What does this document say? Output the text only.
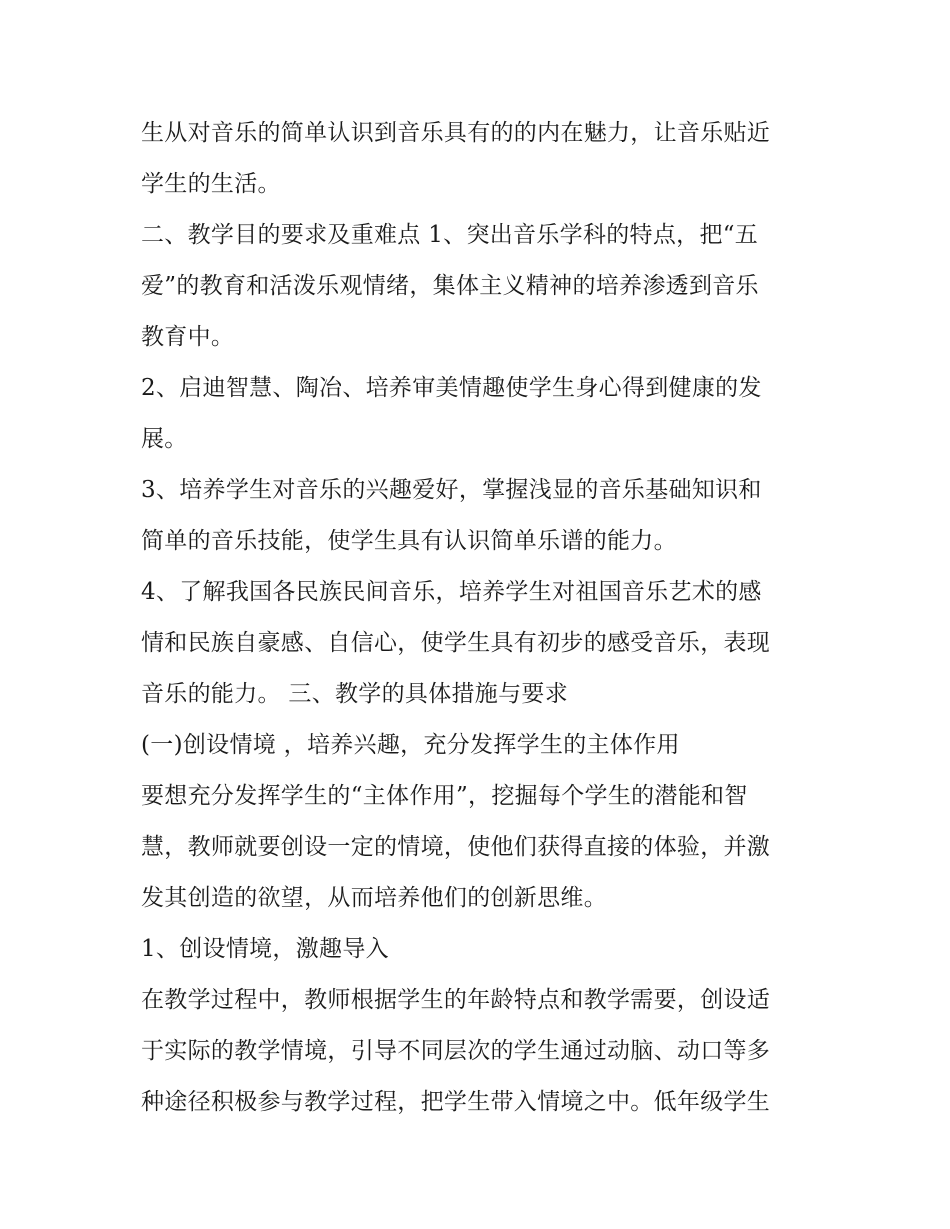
生从对音乐的简单认识到音乐具有的的内在魅力，让音乐贴近
学生的生活。
二、教学目的要求及重难点 1、突出音乐学科的特点，把“五
爱”的教育和活泼乐观情绪，集体主义精神的培养渗透到音乐
教育中。
2、启迪智慧、陶冶、培养审美情趣使学生身心得到健康的发
展。
3、培养学生对音乐的兴趣爱好，掌握浅显的音乐基础知识和
简单的音乐技能，使学生具有认识简单乐谱的能力。
4、了解我国各民族民间音乐，培养学生对祖国音乐艺术的感
情和民族自豪感、自信心，使学生具有初步的感受音乐，表现
音乐的能力。 三、教学的具体措施与要求
(一)创设情境 ，培养兴趣，充分发挥学生的主体作用
要想充分发挥学生的“主体作用”，挖掘每个学生的潜能和智
慧，教师就要创设一定的情境，使他们获得直接的体验，并激
发其创造的欲望，从而培养他们的创新思维。
1、创设情境，激趣导入
在教学过程中，教师根据学生的年龄特点和教学需要，创设适
于实际的教学情境，引导不同层次的学生通过动脑、动口等多
种途径积极参与教学过程，把学生带入情境之中。低年级学生
